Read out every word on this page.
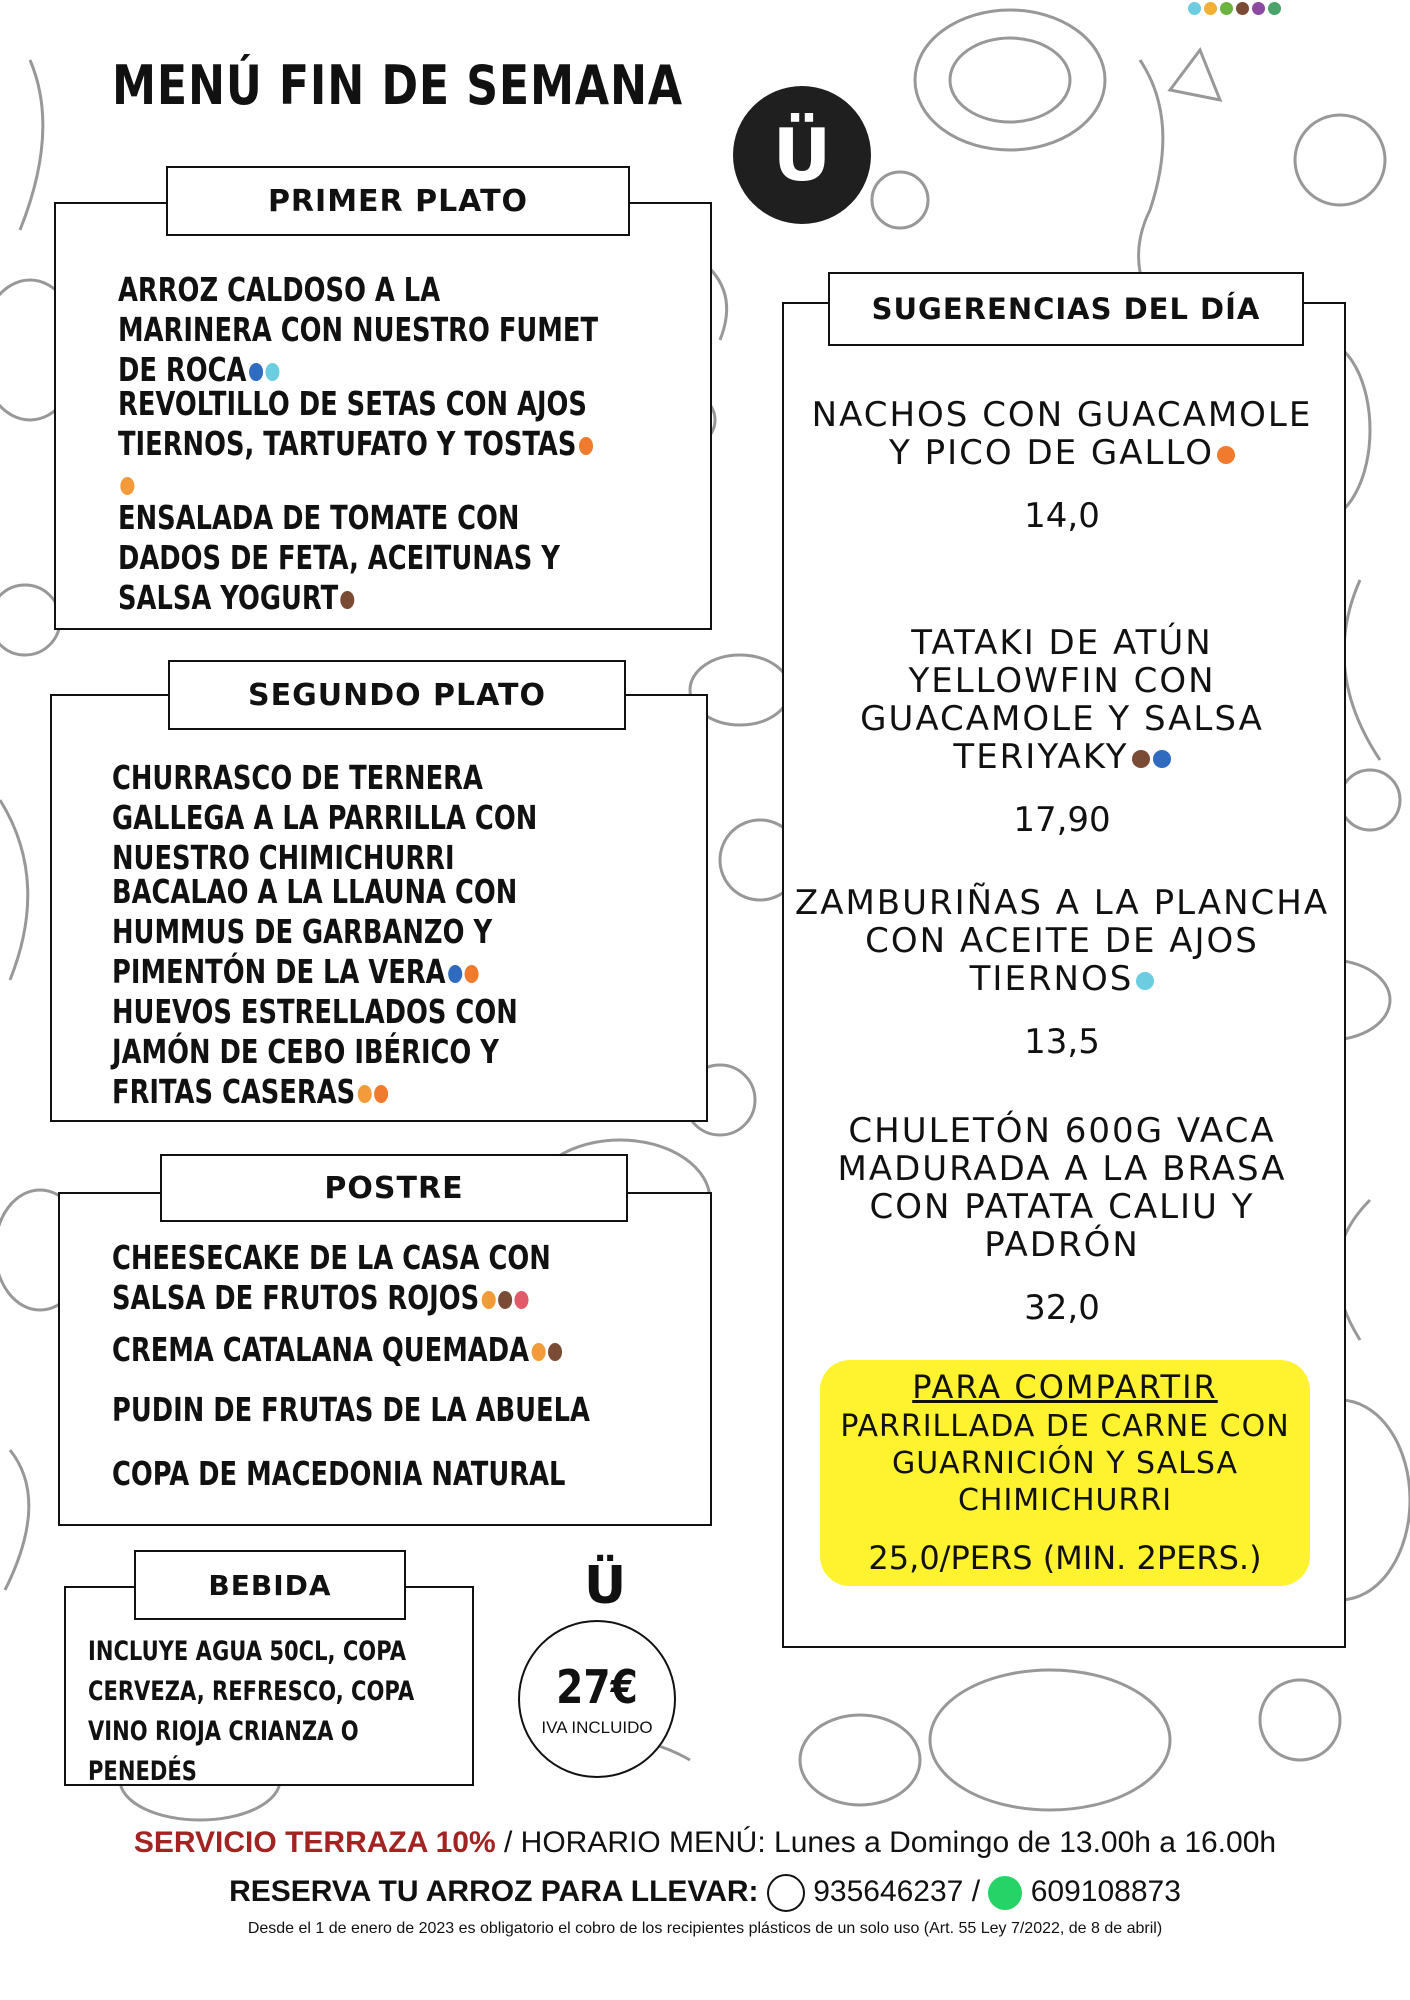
MENÚ FIN DE SEMANA
Ü

ARROZ CALDOSO A LA MARINERA CON NUESTRO FUMET DE ROCA

REVOLTILLO DE SETAS CON AJOS TIERNOS, TARTUFATO Y TOSTAS

ENSALADA DE TOMATE CON DADOS DE FETA, ACEITUNAS Y SALSA YOGURT

PRIMER PLATO

CHURRASCO DE TERNERA GALLEGA A LA PARRILLA CON NUESTRO CHIMICHURRI

BACALAO A LA LLAUNA CON HUMMUS DE GARBANZO Y PIMENTÓN DE LA VERA

HUEVOS ESTRELLADOS CON JAMÓN DE CEBO IBÉRICO Y FRITAS CASERAS

SEGUNDO PLATO

CHEESECAKE DE LA CASA CON SALSA DE FRUTOS ROJOS

CREMA CATALANA QUEMADA

PUDIN DE FRUTAS DE LA ABUELA

COPA DE MACEDONIA NATURAL

POSTRE
BEBIDA

INCLUYE AGUA 50CL, COPA CERVEZA, REFRESCO, COPA VINO RIOJA CRIANZA O PENEDÉS

27€

IVA INCLUIDO

Ü
SUGERENCIAS DEL DÍA

NACHOS CON GUACAMOLE Y PICO DE GALLO

14,0

TATAKI DE ATÚN YELLOWFIN CON GUACAMOLE Y SALSA TERIYAKY

17,90

ZAMBURIÑAS A LA PLANCHA CON ACEITE DE AJOS TIERNOS

13,5

CHULETÓN 600G VACA MADURADA A LA BRASA CON PATATA CALIU Y PADRÓN

32,0

PARA COMPARTIR

PARRILLADA DE CARNE CON GUARNICIÓN Y SALSA CHIMICHURRI

25,0/PERS (MIN. 2PERS.)

SERVICIO TERRAZA 10% / HORARIO MENÚ: Lunes a Domingo de 13.00h a 16.00h
RESERVA TU ARROZ PARA LLEVAR: 935646237 / 609108873
Desde el 1 de enero de 2023 es obligatorio el cobro de los recipientes plásticos de un solo uso (Art. 55 Ley 7/2022, de 8 de abril)
